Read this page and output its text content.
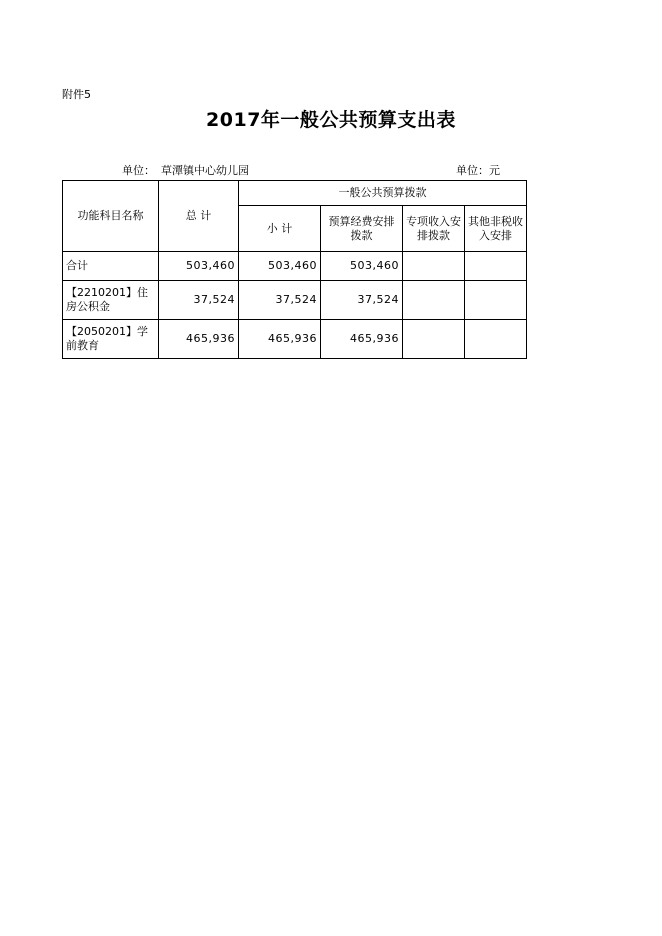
附件5
2017年一般公共预算支出表
单位： 草潭镇中心幼儿园	单位：元
功能科目名称	总 计	一般公共预算拨款			
		小 计	预算经费安排拨款	专项收入安排拨款	其他非税收入安排
合计	503,460	503,460	503,460		
【2210201】住房公积金	37,524	37,524	37,524		
【2050201】学前教育	465,936	465,936	465,936		
